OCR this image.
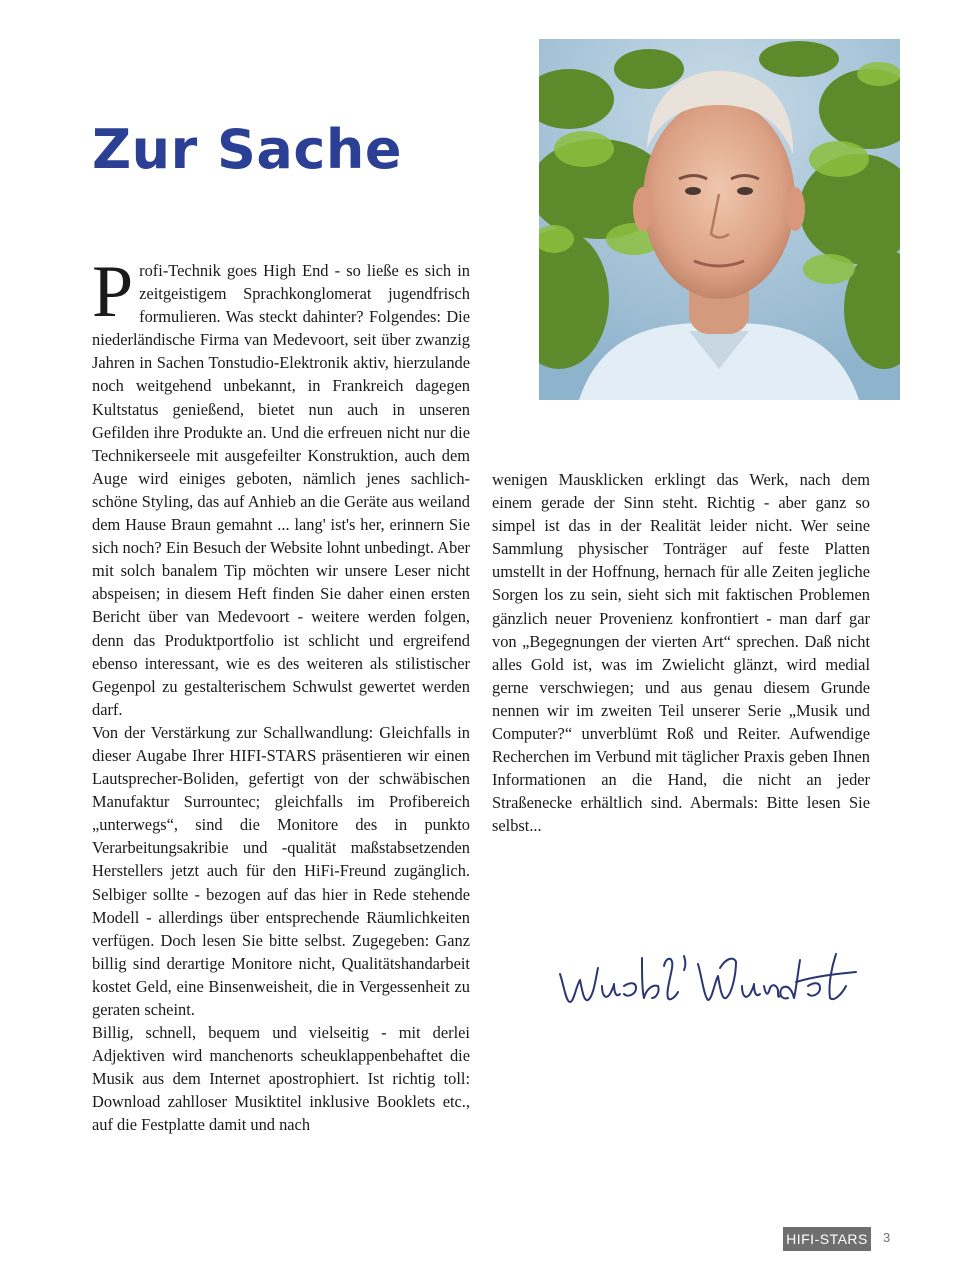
Zur Sache

Profi-Technik goes High End - so ließe es sich in zeitgeistigem Sprachkonglomerat jugendfrisch formulieren. Was steckt dahinter? Folgendes: Die niederländische Firma van Medevoort, seit über zwanzig Jahren in Sachen Tonstudio-Elektronik aktiv, hierzulande noch weitgehend unbekannt, in Frankreich dagegen Kultstatus genießend, bietet nun auch in unseren Gefilden ihre Produkte an. Und die erfreuen nicht nur die Technikerseele mit ausgefeilter Konstruktion, auch dem Auge wird einiges geboten, nämlich jenes sachlich-schöne Styling, das auf Anhieb an die Geräte aus weiland dem Hause Braun gemahnt ... lang' ist's her, erinnern Sie sich noch? Ein Besuch der Website lohnt unbedingt. Aber mit solch banalem Tip möchten wir unsere Leser nicht abspeisen; in diesem Heft finden Sie daher einen ersten Bericht über van Medevoort - weitere werden folgen, denn das Produktportfolio ist schlicht und ergreifend ebenso interessant, wie es des weiteren als stilistischer Gegenpol zu gestalterischem Schwulst gewertet werden darf.

Von der Verstärkung zur Schallwandlung: Gleichfalls in dieser Augabe Ihrer HIFI-STARS präsentieren wir einen Lautsprecher-Boliden, gefertigt von der schwäbischen Manufaktur Surrountec; gleichfalls im Profibereich „unterwegs“, sind die Monitore des in punkto Verarbeitungsakribie und -qualität maßstabsetzenden Herstellers jetzt auch für den HiFi-Freund zugänglich. Selbiger sollte - bezogen auf das hier in Rede stehende Modell - allerdings über entsprechende Räumlichkeiten verfügen. Doch lesen Sie bitte selbst. Zugegeben: Ganz billig sind derartige Monitore nicht, Qualitätshandarbeit kostet Geld, eine Binsenweisheit, die in Vergessenheit zu geraten scheint.

Billig, schnell, bequem und vielseitig - mit derlei Adjektiven wird manchenorts scheuklappenbehaftet die Musik aus dem Internet apostrophiert. Ist richtig toll: Download zahlloser Musiktitel inklusive Booklets etc., auf die Festplatte damit und nach

wenigen Mausklicken erklingt das Werk, nach dem einem gerade der Sinn steht. Richtig - aber ganz so simpel ist das in der Realität leider nicht. Wer seine Sammlung physischer Tonträger auf feste Platten umstellt in der Hoffnung, hernach für alle Zeiten jegliche Sorgen los zu sein, sieht sich mit faktischen Problemen gänzlich neuer Provenienz konfrontiert - man darf gar von „Begegnungen der vierten Art“ sprechen. Daß nicht alles Gold ist, was im Zwielicht glänzt, wird medial gerne verschwiegen; und aus genau diesem Grunde nennen wir im zweiten Teil unserer Serie „Musik und Computer?“ unverblümt Roß und Reiter. Aufwendige Recherchen im Verbund mit täglicher Praxis geben Ihnen Informationen an die Hand, die nicht an jeder Straßenecke erhältlich sind. Abermals: Bitte lesen Sie selbst...

HIFI-STARS 3
